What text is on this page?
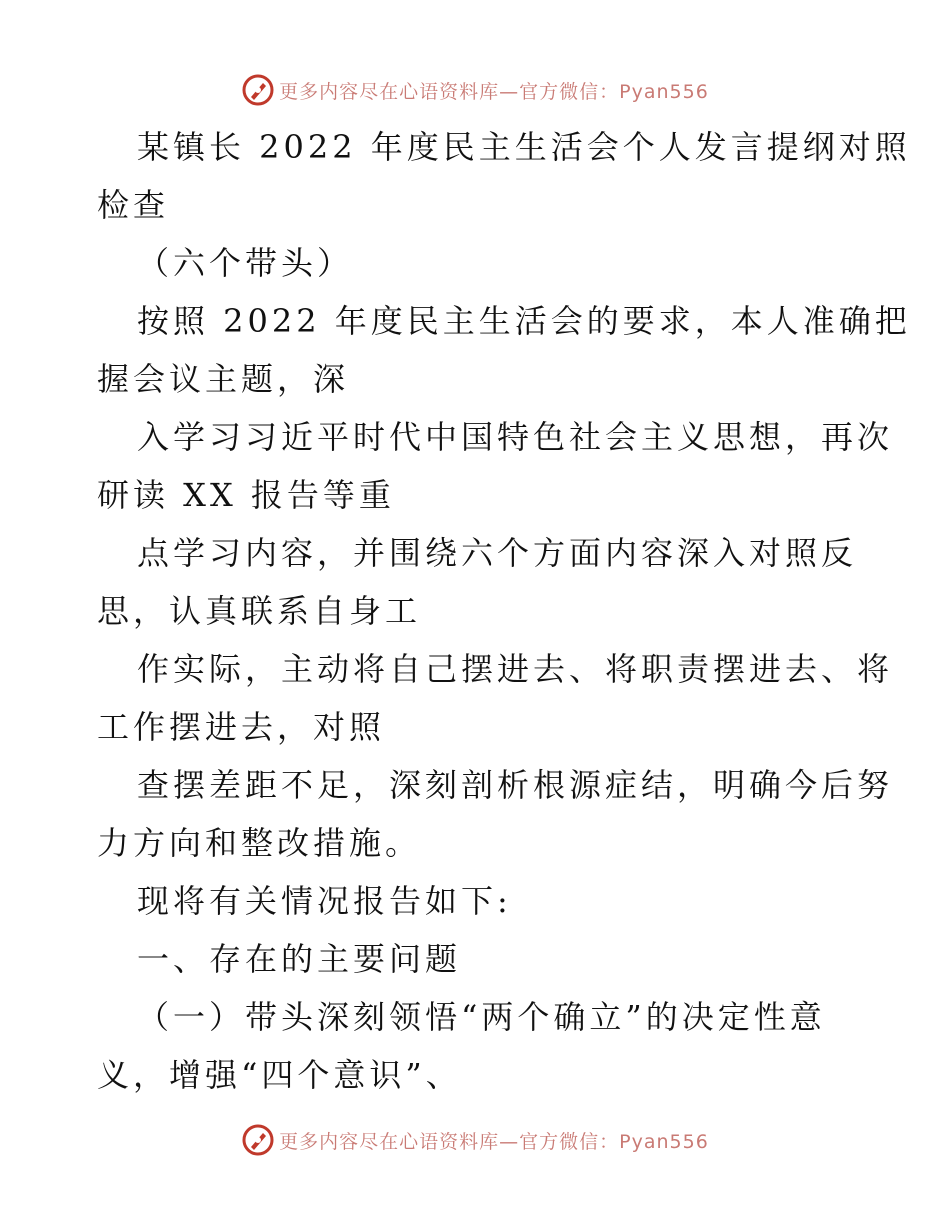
更多内容尽在心语资料库—官方微信：Pyan556
某镇长 2022 年度民主生活会个人发言提纲对照
检查
（六个带头）
按照 2022 年度民主生活会的要求，本人准确把
握会议主题，深
入学习习近平时代中国特色社会主义思想，再次
研读 XX 报告等重
点学习内容，并围绕六个方面内容深入对照反
思，认真联系自身工
作实际，主动将自己摆进去、将职责摆进去、将
工作摆进去，对照
查摆差距不足，深刻剖析根源症结，明确今后努
力方向和整改措施。
现将有关情况报告如下:
一、存在的主要问题
（一）带头深刻领悟“两个确立”的决定性意
义，增强“四个意识”、
更多内容尽在心语资料库—官方微信：Pyan556
